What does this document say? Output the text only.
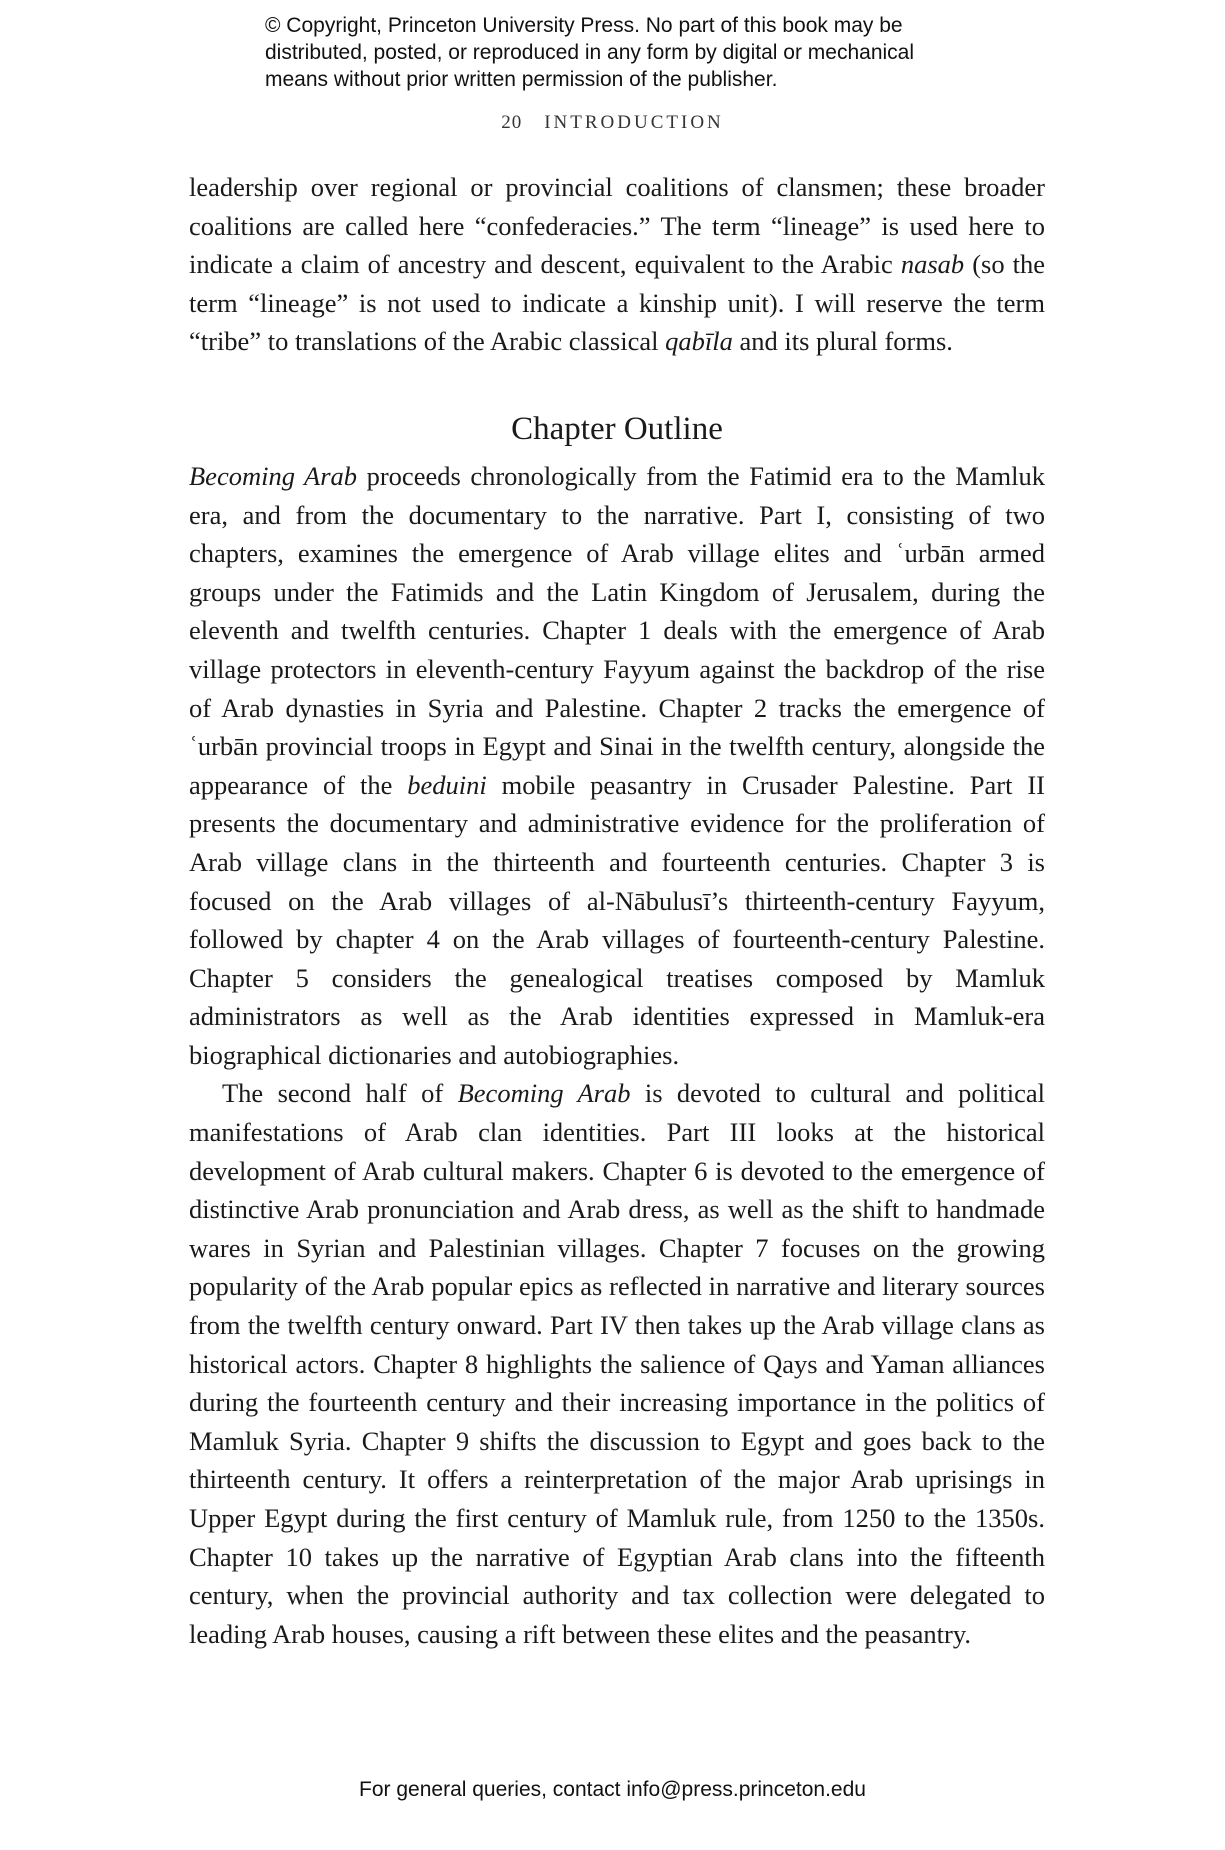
© Copyright, Princeton University Press. No part of this book may be
distributed, posted, or reproduced in any form by digital or mechanical
means without prior written permission of the publisher.
20 INTRODUCTION

leadership over regional or provincial coalitions of clansmen; these broader coalitions are called here “confederacies.” The term “lineage” is used here to indicate a claim of ancestry and descent, equivalent to the Arabic nasab (so the term “lineage” is not used to indicate a kinship unit). I will reserve the term “tribe” to translations of the Arabic classical qabīla and its plural forms.

Chapter Outline

Becoming Arab proceeds chronologically from the Fatimid era to the Mamluk era, and from the documentary to the narrative. Part I, consisting of two chapters, examines the emergence of Arab village elites and ʿurbān armed groups under the Fatimids and the Latin Kingdom of Jerusalem, during the eleventh and twelfth centuries. Chapter 1 deals with the emergence of Arab village protectors in eleventh-century Fayyum against the backdrop of the rise of Arab dynasties in Syria and Palestine. Chapter 2 tracks the emergence of ʿurbān provincial troops in Egypt and Sinai in the twelfth century, alongside the appearance of the beduini mobile peasantry in Crusader Palestine. Part II presents the documentary and administrative evidence for the proliferation of Arab village clans in the thirteenth and fourteenth centuries. Chapter 3 is focused on the Arab villages of al-Nābulusī’s thirteenth-century Fayyum, followed by chapter 4 on the Arab villages of fourteenth-century Palestine. Chapter 5 considers the genealogical treatises composed by Mamluk administrators as well as the Arab identities expressed in Mamluk-era biographical dictionaries and autobiographies.

The second half of Becoming Arab is devoted to cultural and political manifestations of Arab clan identities. Part III looks at the historical development of Arab cultural makers. Chapter 6 is devoted to the emergence of distinctive Arab pronunciation and Arab dress, as well as the shift to handmade wares in Syrian and Palestinian villages. Chapter 7 focuses on the growing popularity of the Arab popular epics as reflected in narrative and literary sources from the twelfth century onward. Part IV then takes up the Arab village clans as historical actors. Chapter 8 highlights the salience of Qays and Yaman alliances during the fourteenth century and their increasing importance in the politics of Mamluk Syria. Chapter 9 shifts the discussion to Egypt and goes back to the thirteenth century. It offers a reinterpretation of the major Arab uprisings in Upper Egypt during the first century of Mamluk rule, from 1250 to the 1350s. Chapter 10 takes up the narrative of Egyptian Arab clans into the fifteenth century, when the provincial authority and tax collection were delegated to leading Arab houses, causing a rift between these elites and the peasantry.

For general queries, contact info@press.princeton.edu
